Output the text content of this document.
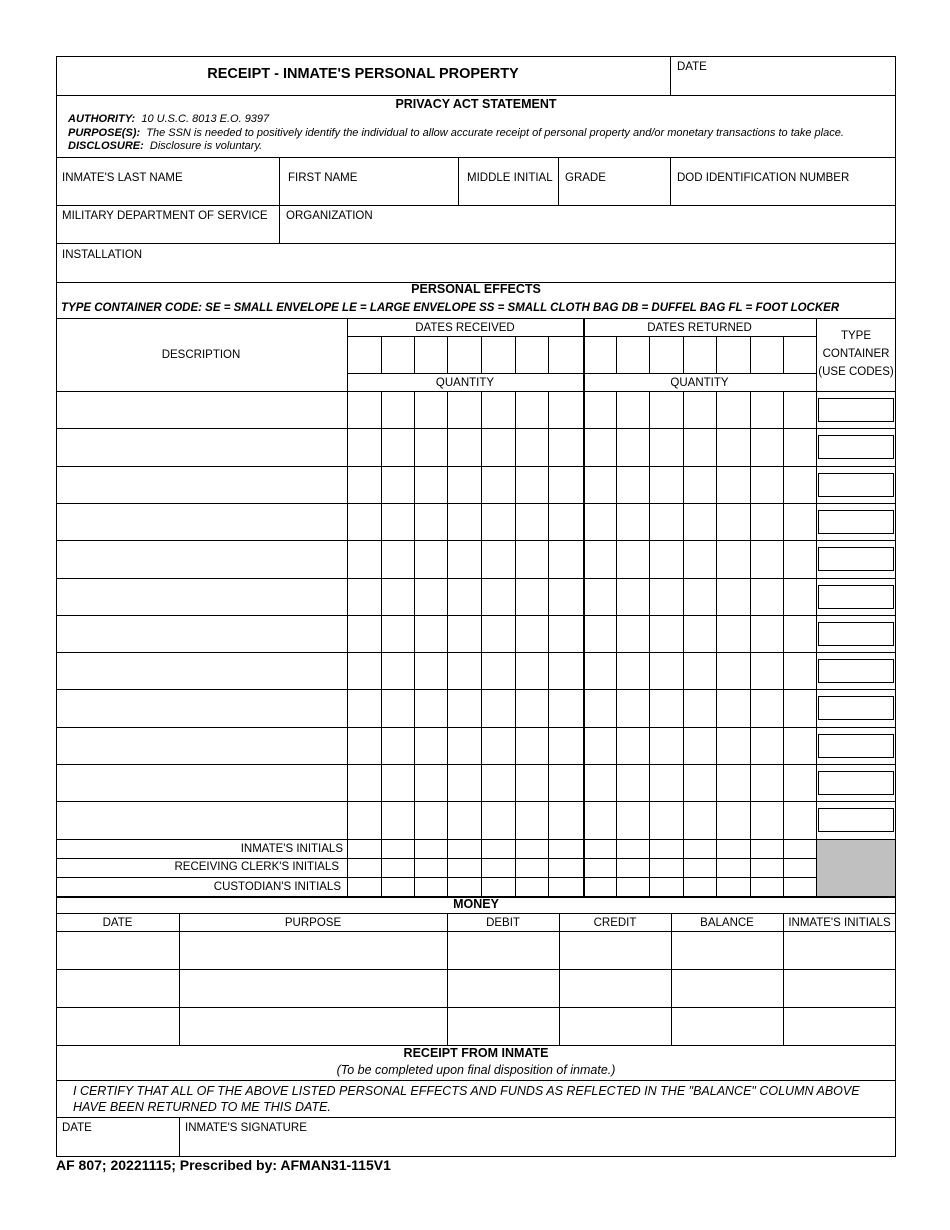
RECEIPT - INMATE'S PERSONAL PROPERTY	DATE
PRIVACY ACT STATEMENT
AUTHORITY: 10 U.S.C. 8013 E.O. 9397
PURPOSE(S): The SSN is needed to positively identify the individual to allow accurate receipt of personal property and/or monetary transactions to take place.
DISCLOSURE: Disclosure is voluntary.
INMATE'S LAST NAME	FIRST NAME	MIDDLE INITIAL GRADE	DOD IDENTIFICATION NUMBER
MILITARY DEPARTMENT OF SERVICE ORGANIZATION
INSTALLATION
PERSONAL EFFECTS
TYPE CONTAINER CODE: SE = SMALL ENVELOPE LE = LARGE ENVELOPE SS = SMALL CLOTH BAG DB = DUFFEL BAG FL = FOOT LOCKER
DESCRIPTION
DATES RECEIVED	DATES RETURNED
QUANTITY	QUANTITY
TYPE
CONTAINER
(USE CODES)
INMATE'S INITIALS
RECEIVING CLERK'S INITIALS
CUSTODIAN'S INITIALS
MONEY
DATE	PURPOSE	DEBIT	CREDIT	BALANCE	INMATE'S INITIALS
RECEIPT FROM INMATE
(To be completed upon final disposition of inmate.)
I CERTIFY THAT ALL OF THE ABOVE LISTED PERSONAL EFFECTS AND FUNDS AS REFLECTED IN THE "BALANCE" COLUMN ABOVE HAVE BEEN RETURNED TO ME THIS DATE.
DATE	INMATE'S SIGNATURE
AF 807; 20221115; Prescribed by: AFMAN31-115V1
